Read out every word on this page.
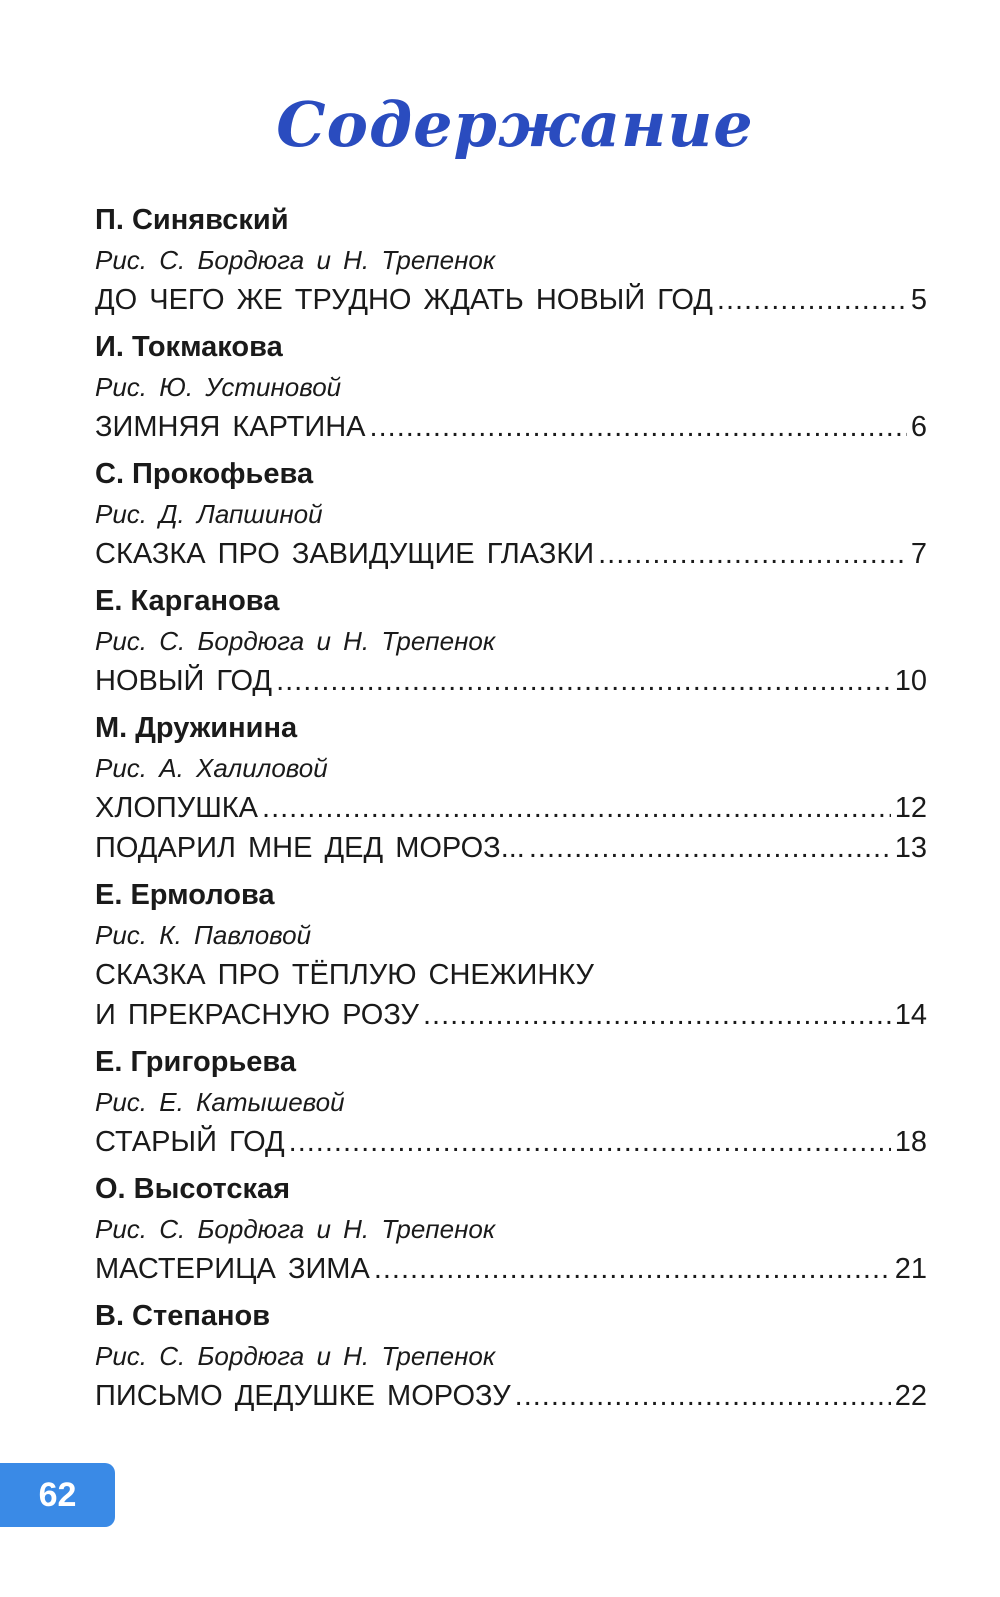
Содержание
П. Синявский
Рис. С. Бордюга и Н. Трепенок
ДО ЧЕГО ЖЕ ТРУДНО ЖДАТЬ НОВЫЙ ГОД .....	5
И. Токмакова
Рис. Ю. Устиновой
ЗИМНЯЯ КАРТИНА .....	6
С. Прокофьева
Рис. Д. Лапшиной
СКАЗКА ПРО ЗАВИДУЩИЕ ГЛАЗКИ .....	7
Е. Карганова
Рис. С. Бордюга и Н. Трепенок
НОВЫЙ ГОД .....	10
М. Дружинина
Рис. А. Халиловой
ХЛОПУШКА .....	12
ПОДАРИЛ МНЕ ДЕД МОРОЗ... .....	13
Е. Ермолова
Рис. К. Павловой
СКАЗКА ПРО ТЁПЛУЮ СНЕЖИНКУ
И ПРЕКРАСНУЮ РОЗУ .....	14
Е. Григорьева
Рис. Е. Катышевой
СТАРЫЙ ГОД .....	18
О. Высотская
Рис. С. Бордюга и Н. Трепенок
МАСТЕРИЦА ЗИМА .....	21
В. Степанов
Рис. С. Бордюга и Н. Трепенок
ПИСЬМО ДЕДУШКЕ МОРОЗУ .....	22
62
